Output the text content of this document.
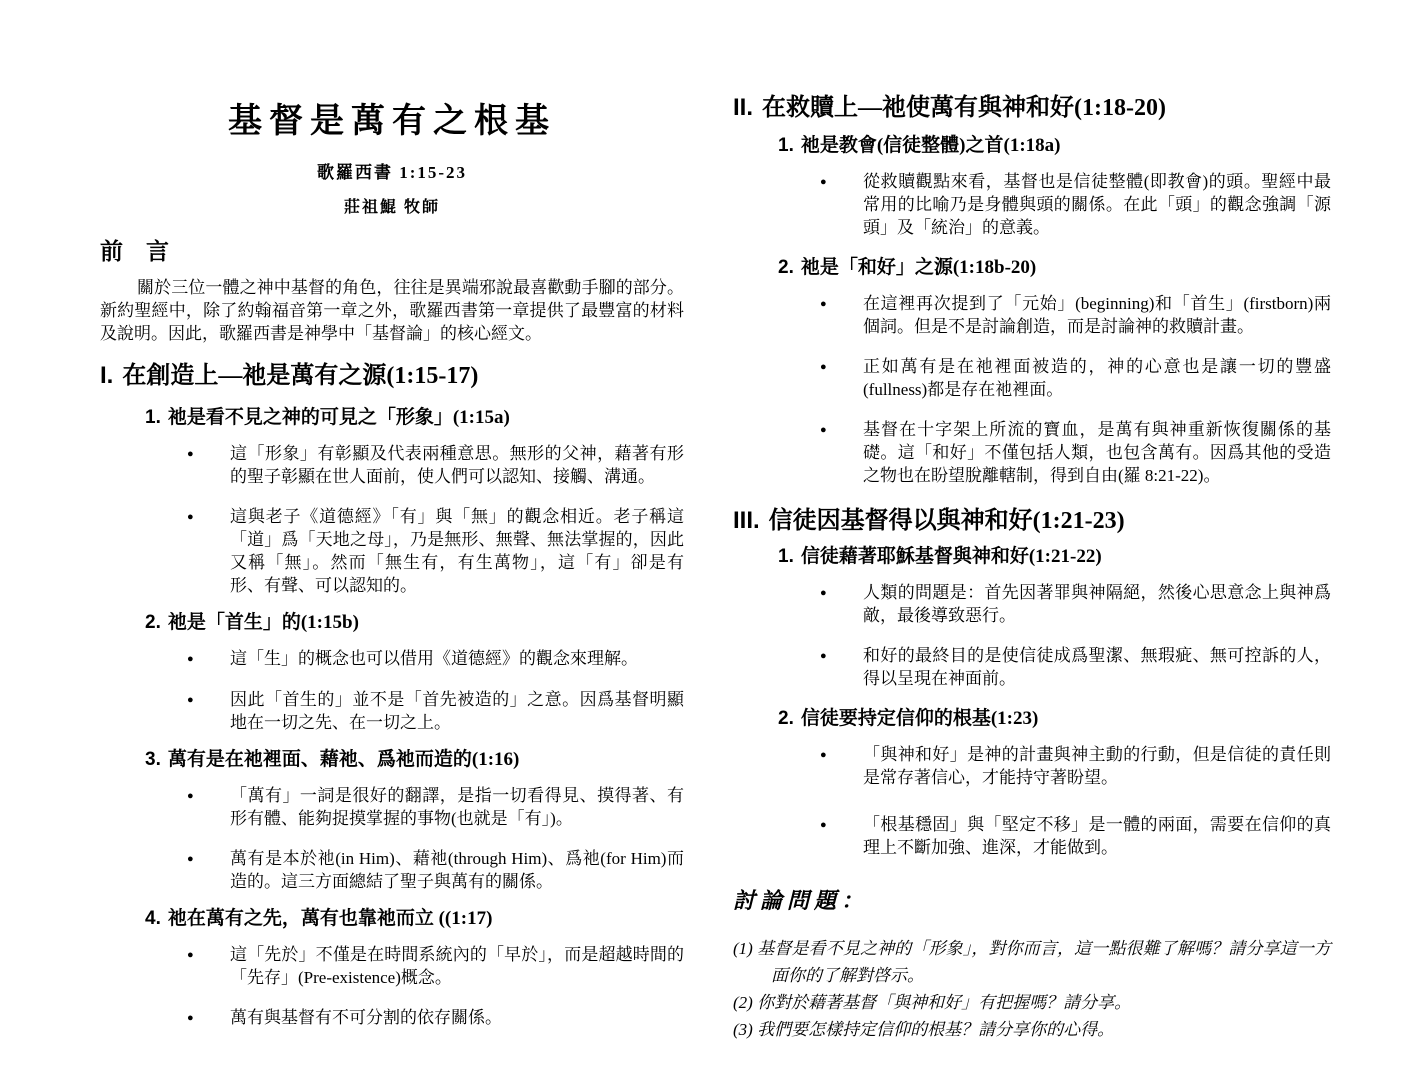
基督是萬有之根基
歌羅西書 1:15-23
莊祖鯤 牧師
前　言
關於三位一體之神中基督的角色，往往是異端邪說最喜歡動手腳的部分。新約聖經中，除了約翰福音第一章之外，歌羅西書第一章提供了最豐富的材料及說明。因此，歌羅西書是神學中「基督論」的核心經文。
I. 在創造上—祂是萬有之源(1:15-17)
1. 祂是看不見之神的可見之「形象」(1:15a)
●	這「形象」有彰顯及代表兩種意思。無形的父神，藉著有形的聖子彰顯在世人面前，使人們可以認知、接觸、溝通。
●	這與老子《道德經》「有」與「無」的觀念相近。老子稱這「道」爲「天地之母」，乃是無形、無聲、無法掌握的，因此又稱「無」。然而「無生有，有生萬物」，這「有」卻是有形、有聲、可以認知的。
2. 祂是「首生」的(1:15b)
●	這「生」的概念也可以借用《道德經》的觀念來理解。
●	因此「首生的」並不是「首先被造的」之意。因爲基督明顯地在一切之先、在一切之上。
3. 萬有是在祂裡面、藉祂、爲祂而造的(1:16)
●	「萬有」一詞是很好的翻譯，是指一切看得見、摸得著、有形有體、能夠捉摸掌握的事物(也就是「有」)。
●	萬有是本於祂(in Him)、藉祂(through Him)、爲祂(for Him)而造的。這三方面總結了聖子與萬有的關係。
4. 祂在萬有之先，萬有也靠祂而立 ((1:17)
●	這「先於」不僅是在時間系統內的「早於」，而是超越時間的「先存」(Pre-existence)概念。
●	萬有與基督有不可分割的依存關係。
II. 在救贖上—祂使萬有與神和好(1:18-20)
1. 祂是教會(信徒整體)之首(1:18a)
●	從救贖觀點來看，基督也是信徒整體(即教會)的頭。聖經中最常用的比喻乃是身體與頭的關係。在此「頭」的觀念強調「源頭」及「統治」的意義。
2. 祂是「和好」之源(1:18b-20)
●	在這裡再次提到了「元始」(beginning)和「首生」(firstborn)兩個詞。但是不是討論創造，而是討論神的救贖計畫。
●	正如萬有是在祂裡面被造的，神的心意也是讓一切的豐盛(fullness)都是存在祂裡面。
●	基督在十字架上所流的寶血，是萬有與神重新恢復關係的基礎。這「和好」不僅包括人類，也包含萬有。因爲其他的受造之物也在盼望脫離轄制，得到自由(羅 8:21-22)。
III. 信徒因基督得以與神和好(1:21-23)
1. 信徒藉著耶穌基督與神和好(1:21-22)
●	人類的問題是：首先因著罪與神隔絕，然後心思意念上與神爲敵，最後導致惡行。
●	和好的最終目的是使信徒成爲聖潔、無瑕疵、無可控訴的人，得以呈現在神面前。
2. 信徒要持定信仰的根基(1:23)
●	「與神和好」是神的計畫與神主動的行動，但是信徒的責任則是常存著信心，才能持守著盼望。
●	「根基穩固」與「堅定不移」是一體的兩面，需要在信仰的真理上不斷加強、進深，才能做到。
討論問題：
(1) 基督是看不見之神的「形象」，對你而言，這一點很難了解嗎？請分享這一方面你的了解對啓示。
(2) 你對於藉著基督「與神和好」有把握嗎？請分享。
(3) 我們要怎樣持定信仰的根基？請分享你的心得。
